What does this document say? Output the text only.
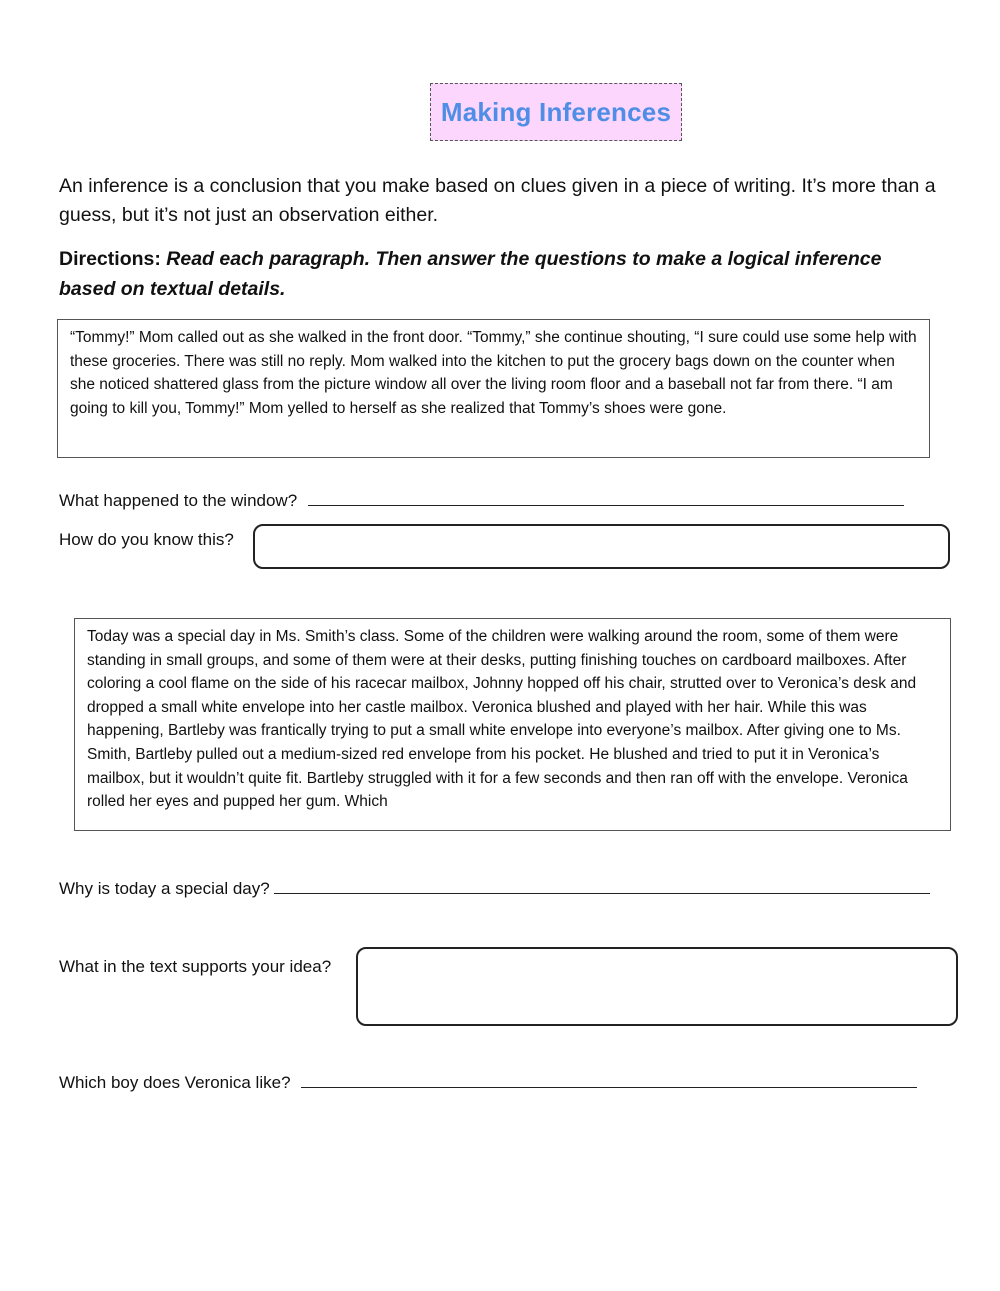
Making Inferences
An inference is a conclusion that you make based on clues given in a piece of writing. It’s more than a guess, but it’s not just an observation either.
Directions: Read each paragraph. Then answer the questions to make a logical inference based on textual details.
“Tommy!” Mom called out as she walked in the front door. “Tommy,” she continue shouting, “I sure could use some help with these groceries. There was still no reply. Mom walked into the kitchen to put the grocery bags down on the counter when she noticed shattered glass from the picture window all over the living room floor and a baseball not far from there. “I am going to kill you, Tommy!” Mom yelled to herself as she realized that Tommy’s shoes were gone.
What happened to the window?
How do you know this?
Today was a special day in Ms. Smith’s class. Some of the children were walking around the room, some of them were standing in small groups, and some of them were at their desks, putting finishing touches on cardboard mailboxes. After coloring a cool flame on the side of his racecar mailbox, Johnny hopped off his chair, strutted over to Veronica’s desk and dropped a small white envelope into her castle mailbox. Veronica blushed and played with her hair. While this was happening, Bartleby was frantically trying to put a small white envelope into everyone’s mailbox. After giving one to Ms. Smith, Bartleby pulled out a medium-sized red envelope from his pocket. He blushed and tried to put it in Veronica’s mailbox, but it wouldn’t quite fit. Bartleby struggled with it for a few seconds and then ran off with the envelope. Veronica rolled her eyes and pupped her gum. Which
Why is today a special day?
What in the text supports your idea?
Which boy does Veronica like?
